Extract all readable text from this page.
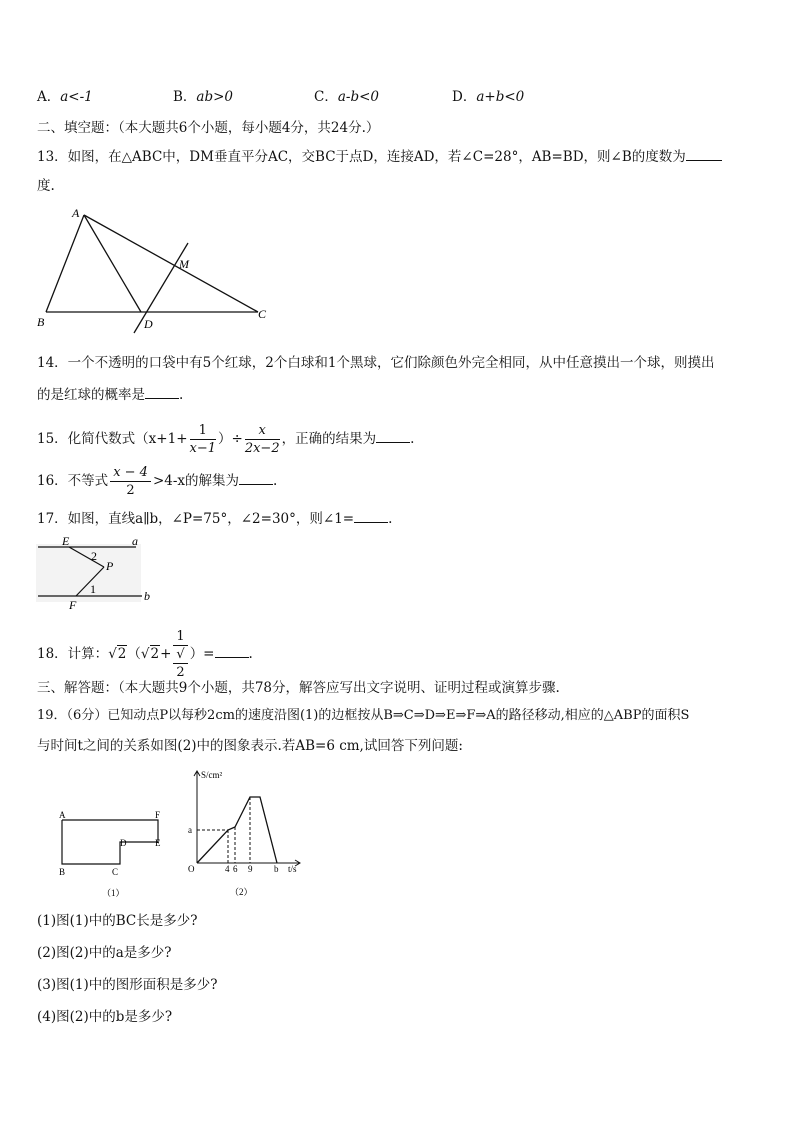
A．a<-1	B．ab>0	C．a-b<0	D．a+b<0
二、填空题：（本大题共6个小题，每小题4分，共24分.）
13．如图，在△ABC中，DM垂直平分AC，交BC于点D，连接AD，若∠C=28°，AB=BD，则∠B的度数为
度.
A
B
C
D
M
14．一个不透明的口袋中有5个红球，2个白球和1个黑球，它们除颜色外完全相同，从中任意摸出一个球，则摸出
的是红球的概率是	.
15．化简代数式（$x+1+ \frac{1}{x-1}$ ）÷ $\frac{x}{2x-2}$ ，正确的结果为	.
16．不等式 $\frac{x - 4}{2} >4-x$的解集为	.
17．如图，直线a∥b，∠P=75°，∠2=30°，则∠1=	.
E	a
2
P
1
F
b
18．计算：√2（√2+ 1
√
2 ）=	.
三、解答题：（本大题共9个小题，共78分，解答应写出文字说明、证明过程或演算步骤.
19．（6分）已知动点P以每秒2cm的速度沿图(1)的边框按从B⇒C⇒D⇒E⇒F⇒A的路径移动,相应的△ABP的面积S
与时间t之间的关系如图(2)中的图象表示.若AB=6 cm,试回答下列问题:
A	F
D	E
B	C
（1）
S/cm²
a
O	4 6 9 b t/s
（2）
(1)图(1)中的BC长是多少?
(2)图(2)中的a是多少?
(3)图(1)中的图形面积是多少?
(4)图(2)中的b是多少?
